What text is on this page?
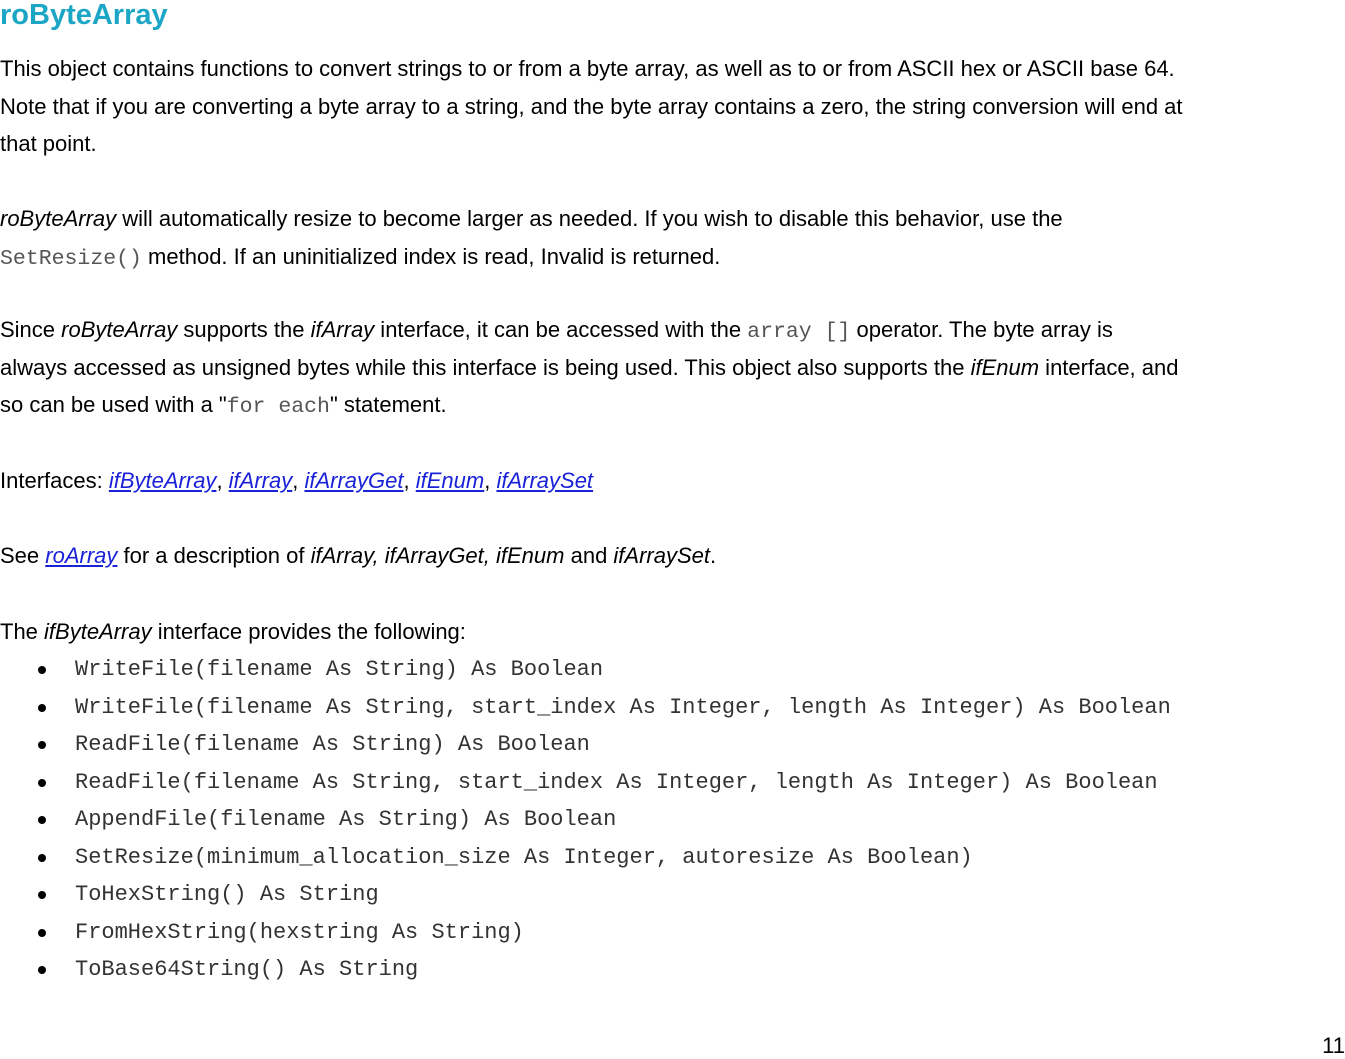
roByteArray
This object contains functions to convert strings to or from a byte array, as well as to or from ASCII hex or ASCII base 64.
Note that if you are converting a byte array to a string, and the byte array contains a zero, the string conversion will end at
that point.
roByteArray will automatically resize to become larger as needed. If you wish to disable this behavior, use the
SetResize() method. If an uninitialized index is read, Invalid is returned.
Since roByteArray supports the ifArray interface, it can be accessed with the array [] operator. The byte array is
always accessed as unsigned bytes while this interface is being used. This object also supports the ifEnum interface, and
so can be used with a "for each" statement.
Interfaces: ifByteArray, ifArray, ifArrayGet, ifEnum, ifArraySet
See roArray for a description of ifArray, ifArrayGet, ifEnum and ifArraySet.
The ifByteArray interface provides the following:
WriteFile(filename As String) As Boolean
WriteFile(filename As String, start_index As Integer, length As Integer) As Boolean
ReadFile(filename As String) As Boolean
ReadFile(filename As String, start_index As Integer, length As Integer) As Boolean
AppendFile(filename As String) As Boolean
SetResize(minimum_allocation_size As Integer, autoresize As Boolean)
ToHexString() As String
FromHexString(hexstring As String)
ToBase64String() As String
11
